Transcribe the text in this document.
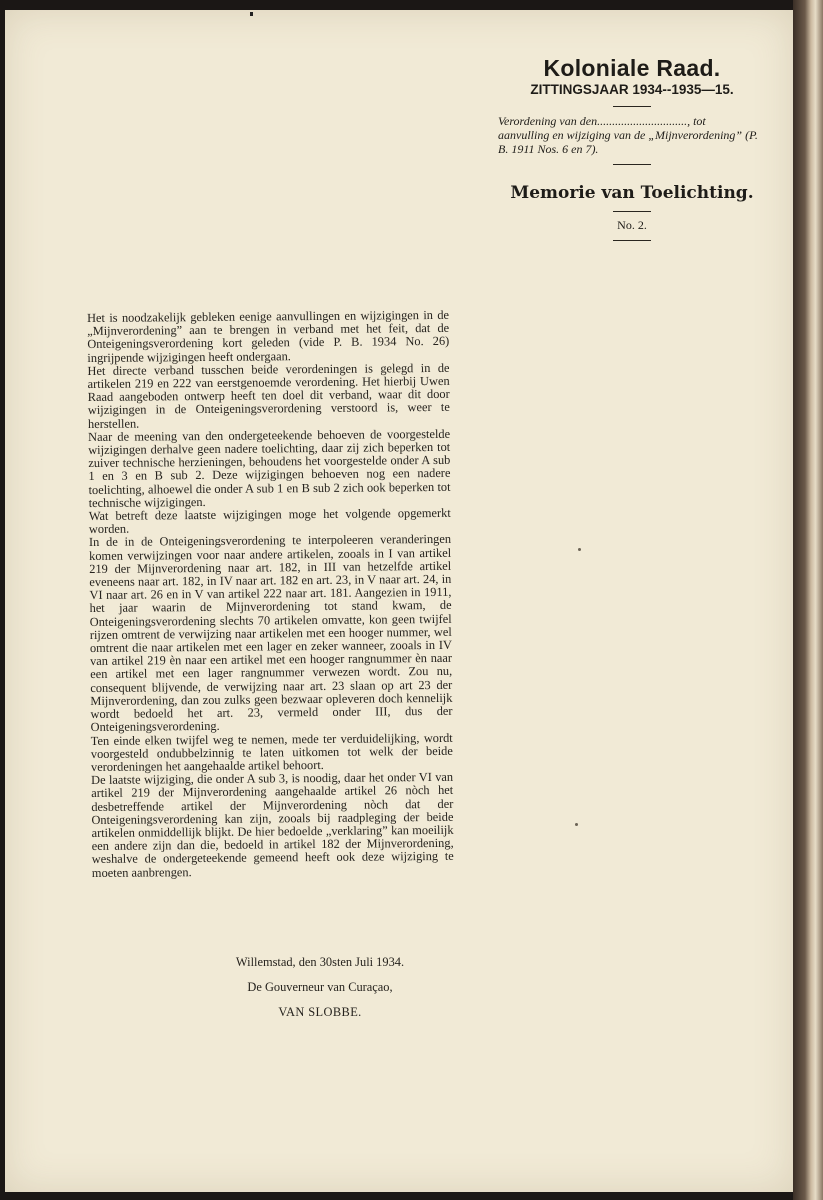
Koloniale Raad.
ZITTINGSJAAR 1934--1935—15.
Verordening van den.............................., tot aanvulling en wijziging van de „Mijnverordening” (P. B. 1911 Nos. 6 en 7).
Memorie van Toelichting.
No. 2.

Het is noodzakelijk gebleken eenige aanvullingen en wijzigingen in de „Mijnverordening” aan te brengen in verband met het feit, dat de Onteigeningsverordening kort geleden (vide P. B. 1934 No. 26) ingrijpende wijzigingen heeft ondergaan.

Het directe verband tusschen beide verordeningen is gelegd in de artikelen 219 en 222 van eerstgenoemde verordening. Het hierbij Uwen Raad aangeboden ontwerp heeft ten doel dit verband, waar dit door wijzigingen in de Onteigeningsverordening verstoord is, weer te herstellen.

Naar de meening van den ondergeteekende behoeven de voorgestelde wijzigingen derhalve geen nadere toelichting, daar zij zich beperken tot zuiver technische herzieningen, behoudens het voorgestelde onder A sub 1 en 3 en B sub 2. Deze wijzigingen behoeven nog een nadere toelichting, alhoewel die onder A sub 1 en B sub 2 zich ook beperken tot technische wijzigingen.

Wat betreft deze laatste wijzigingen moge het volgende opgemerkt worden.

In de in de Onteigeningsverordening te interpoleeren veranderingen komen verwijzingen voor naar andere artikelen, zooals in I van artikel 219 der Mijnverordening naar art. 182, in III van hetzelfde artikel eveneens naar art. 182, in IV naar art. 182 en art. 23, in V naar art. 24, in VI naar art. 26 en in V van artikel 222 naar art. 181. Aangezien in 1911, het jaar waarin de Mijnverordening tot stand kwam, de Onteigeningsverordening slechts 70 artikelen omvatte, kon geen twijfel rijzen omtrent de verwijzing naar artikelen met een hooger nummer, wel omtrent die naar artikelen met een lager en zeker wanneer, zooals in IV van artikel 219 èn naar een artikel met een hooger rangnummer èn naar een artikel met een lager rangnummer verwezen wordt. Zou nu, consequent blijvende, de verwijzing naar art. 23 slaan op art 23 der Mijnverordening, dan zou zulks geen bezwaar opleveren doch kennelijk wordt bedoeld het art. 23, vermeld onder III, dus der Onteigeningsverordening.

Ten einde elken twijfel weg te nemen, mede ter verduidelijking, wordt voorgesteld ondubbelzinnig te laten uitkomen tot welk der beide verordeningen het aangehaalde artikel behoort.

De laatste wijziging, die onder A sub 3, is noodig, daar het onder VI van artikel 219 der Mijnverordening aangehaalde artikel 26 nòch het desbetreffende artikel der Mijnverordening nòch dat der Onteigeningsverordening kan zijn, zooals bij raadpleging der beide artikelen onmiddellijk blijkt. De hier bedoelde „verklaring” kan moeilijk een andere zijn dan die, bedoeld in artikel 182 der Mijnverordening, weshalve de ondergeteekende gemeend heeft ook deze wijziging te moeten aanbrengen.

Willemstad, den 30sten Juli 1934.
De Gouverneur van Curaçao,
VAN SLOBBE.
